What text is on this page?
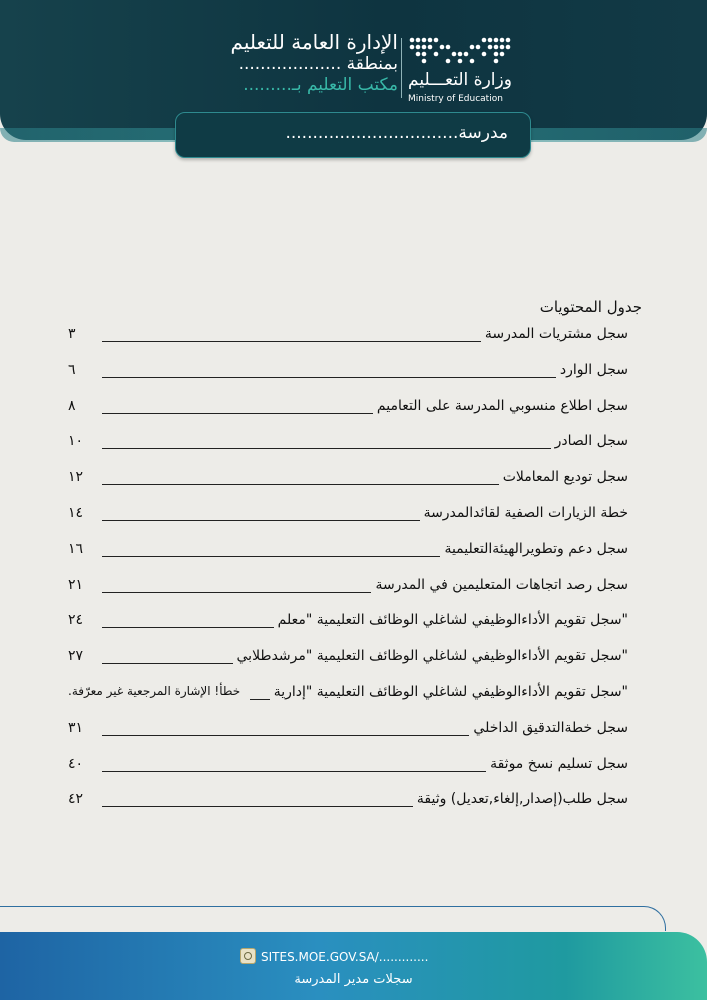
الإدارة العامة للتعليم
بمنطقة ...................
مكتب التعليم بـ......... وزارة التعـــليم
Ministry of Education
مدرسة................................
جدول المحتويات
سجل مشتريات المدرسة
٣
سجل الوارد
٦
سجل اطلاع منسوبي المدرسة على التعاميم
٨
سجل الصادر
١٠
سجل توديع المعاملات
١٢
خطة الزيارات الصفية لقائدالمدرسة
١٤
سجل دعم وتطويرالهيئةالتعليمية
١٦
سجل رصد اتجاهات المتعليمين في المدرسة
٢١
"سجل تقويم الأداءالوظيفي لشاغلي الوظائف التعليمية "معلم
٢٤
"سجل تقويم الأداءالوظيفي لشاغلي الوظائف التعليمية "مرشدطلابي
٢٧
"سجل تقويم الأداءالوظيفي لشاغلي الوظائف التعليمية "إدارية
خطأ! الإشارة المرجعية غير معرّفة.
سجل خطةالتدقيق الداخلي
٣١
سجل تسليم نسخ موثقة
٤٠
سجل طلب(إصدار,إلغاء,تعديل) وثيقة
٤٢
SITES.MOE.GOV.SA/.............
سجلات مدير المدرسة
